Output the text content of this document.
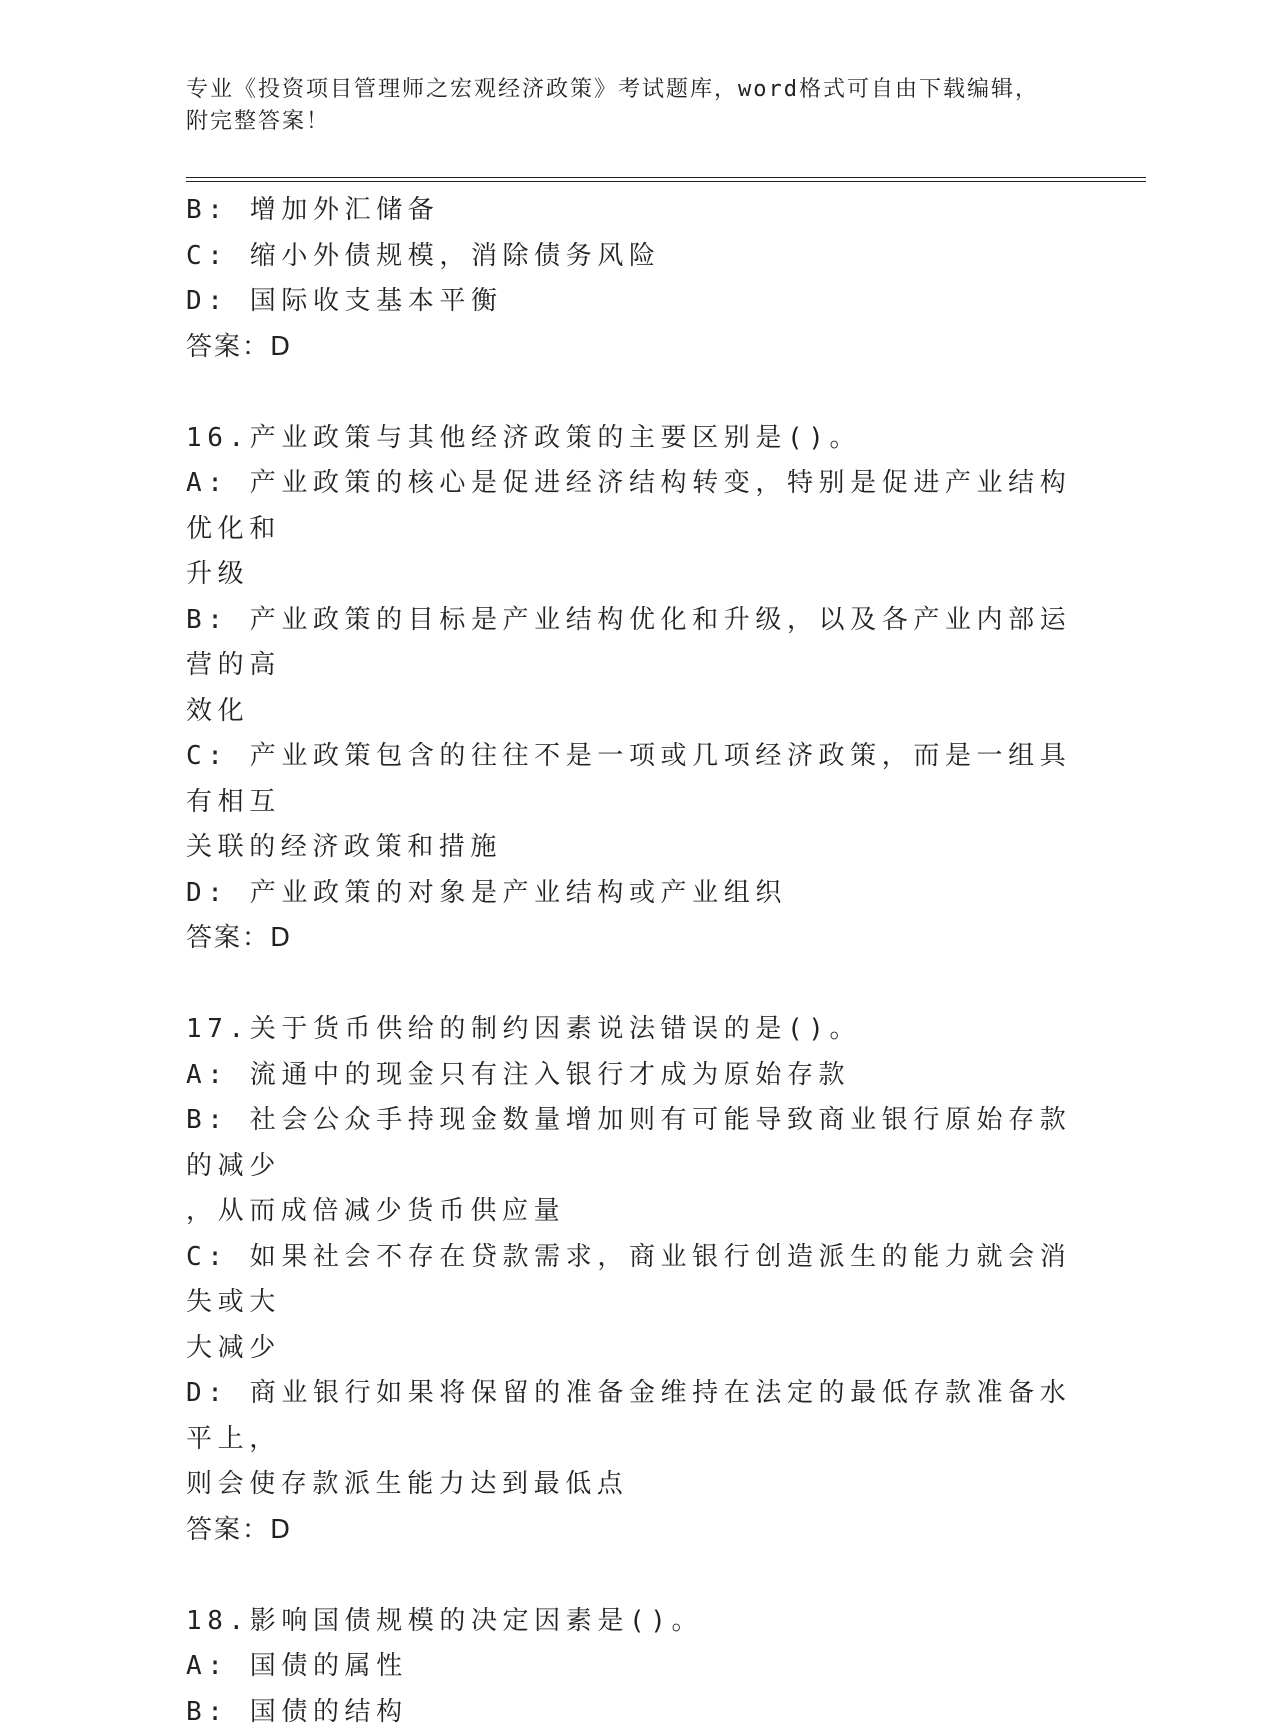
专业《投资项目管理师之宏观经济政策》考试题库，word格式可自由下载编辑，
附完整答案！
B: 增加外汇储备
C: 缩小外债规模，消除债务风险
D: 国际收支基本平衡
答案：D
16.产业政策与其他经济政策的主要区别是()。
A: 产业政策的核心是促进经济结构转变，特别是促进产业结构优化和
升级
B: 产业政策的目标是产业结构优化和升级，以及各产业内部运营的高
效化
C: 产业政策包含的往往不是一项或几项经济政策，而是一组具有相互
关联的经济政策和措施
D: 产业政策的对象是产业结构或产业组织
答案：D
17.关于货币供给的制约因素说法错误的是()。
A: 流通中的现金只有注入银行才成为原始存款
B: 社会公众手持现金数量增加则有可能导致商业银行原始存款的减少
，从而成倍减少货币供应量
C: 如果社会不存在贷款需求，商业银行创造派生的能力就会消失或大
大减少
D: 商业银行如果将保留的准备金维持在法定的最低存款准备水平上，
则会使存款派生能力达到最低点
答案：D
18.影响国债规模的决定因素是()。
A: 国债的属性
B: 国债的结构
